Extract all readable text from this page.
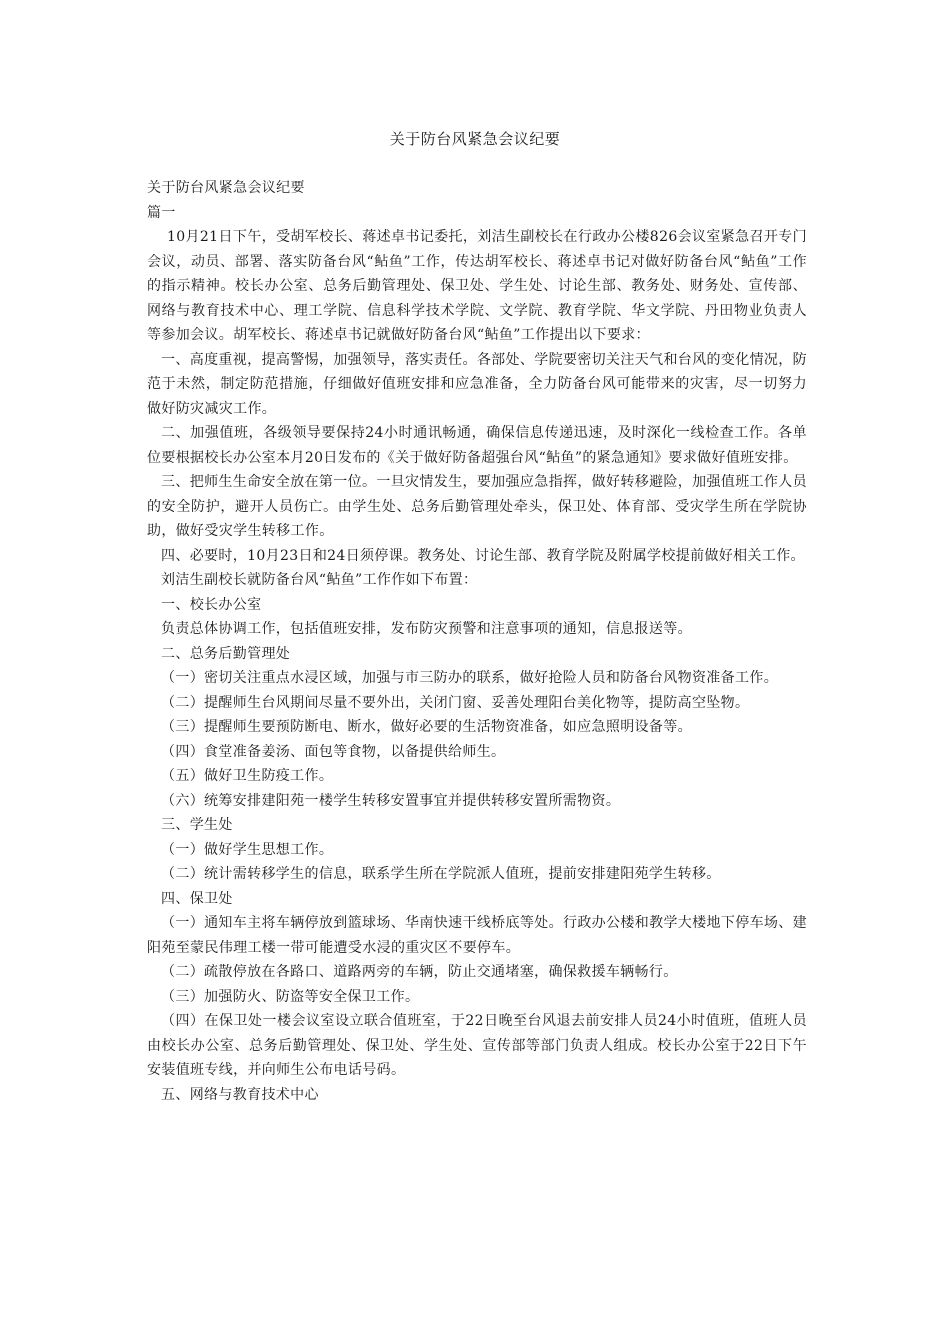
关于防台风紧急会议纪要

关于防台风紧急会议纪要

篇一

10月21日下午，受胡军校长、蒋述卓书记委托，刘洁生副校长在行政办公楼826会议室紧急召开专门会议，动员、部署、落实防备台风“鲇鱼”工作，传达胡军校长、蒋述卓书记对做好防备台风“鲇鱼”工作的指示精神。校长办公室、总务后勤管理处、保卫处、学生处、讨论生部、教务处、财务处、宣传部、网络与教育技术中心、理工学院、信息科学技术学院、文学院、教育学院、华文学院、丹田物业负责人等参加会议。胡军校长、蒋述卓书记就做好防备台风“鲇鱼”工作提出以下要求：

一、高度重视，提高警惕，加强领导，落实责任。各部处、学院要密切关注天气和台风的变化情况，防范于未然，制定防范措施，仔细做好值班安排和应急准备，全力防备台风可能带来的灾害，尽一切努力做好防灾减灾工作。

二、加强值班，各级领导要保持24小时通讯畅通，确保信息传递迅速，及时深化一线检查工作。各单位要根据校长办公室本月20日发布的《关于做好防备超强台风“鲇鱼”的紧急通知》要求做好值班安排。

三、把师生生命安全放在第一位。一旦灾情发生，要加强应急指挥，做好转移避险，加强值班工作人员的安全防护，避开人员伤亡。由学生处、总务后勤管理处牵头，保卫处、体育部、受灾学生所在学院协助，做好受灾学生转移工作。

四、必要时，10月23日和24日须停课。教务处、讨论生部、教育学院及附属学校提前做好相关工作。

刘洁生副校长就防备台风“鲇鱼”工作作如下布置：

一、校长办公室

负责总体协调工作，包括值班安排，发布防灾预警和注意事项的通知，信息报送等。

二、总务后勤管理处

（一）密切关注重点水浸区域，加强与市三防办的联系，做好抢险人员和防备台风物资准备工作。

（二）提醒师生台风期间尽量不要外出，关闭门窗、妥善处理阳台美化物等，提防高空坠物。

（三）提醒师生要预防断电、断水，做好必要的生活物资准备，如应急照明设备等。

（四）食堂准备姜汤、面包等食物，以备提供给师生。

（五）做好卫生防疫工作。

（六）统筹安排建阳苑一楼学生转移安置事宜并提供转移安置所需物资。

三、学生处

（一）做好学生思想工作。

（二）统计需转移学生的信息，联系学生所在学院派人值班，提前安排建阳苑学生转移。

四、保卫处

（一）通知车主将车辆停放到篮球场、华南快速干线桥底等处。行政办公楼和教学大楼地下停车场、建阳苑至蒙民伟理工楼一带可能遭受水浸的重灾区不要停车。

（二）疏散停放在各路口、道路两旁的车辆，防止交通堵塞，确保救援车辆畅行。

（三）加强防火、防盗等安全保卫工作。

（四）在保卫处一楼会议室设立联合值班室，于22日晚至台风退去前安排人员24小时值班，值班人员由校长办公室、总务后勤管理处、保卫处、学生处、宣传部等部门负责人组成。校长办公室于22日下午安装值班专线，并向师生公布电话号码。

五、网络与教育技术中心
